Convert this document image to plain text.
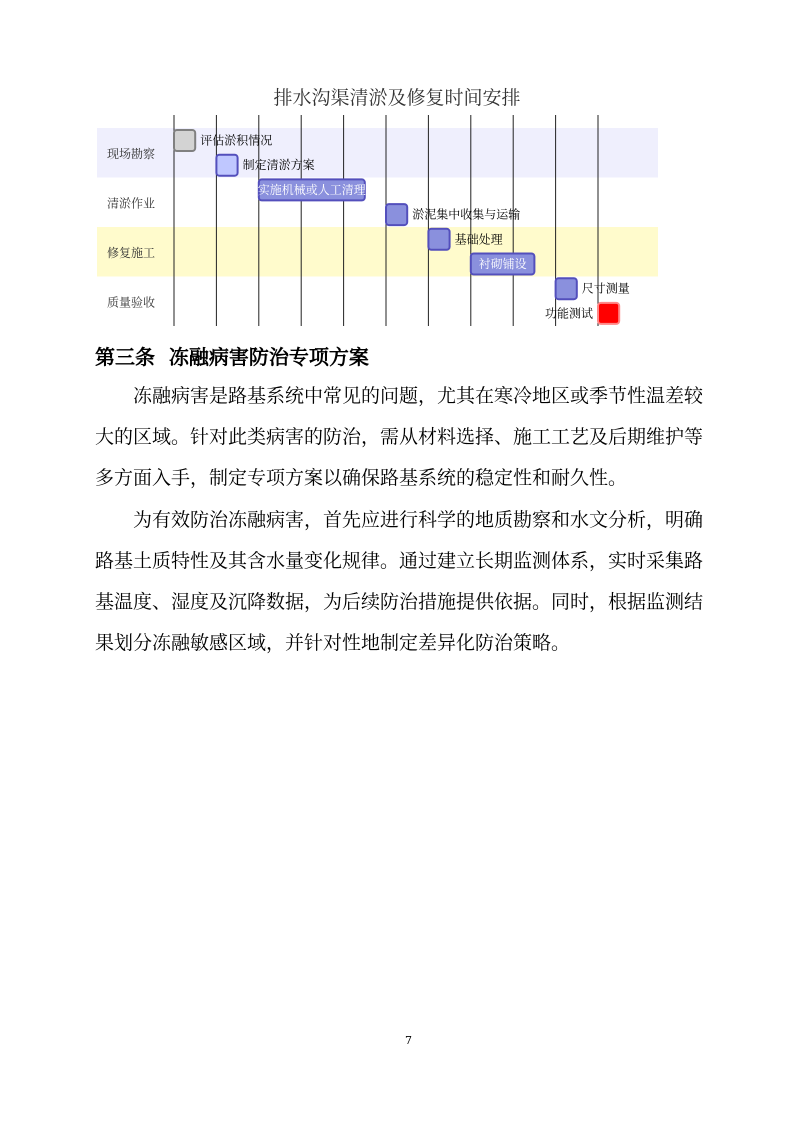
排水沟渠清淤及修复时间安排
现场勘察
清淤作业
修复施工
质量验收
评估淤积情况
制定清淤方案
实施机械或人工清理
淤泥集中收集与运输
基础处理
衬砌铺设
尺寸测量
功能测试
第三条  冻融病害防治专项方案
冻融病害是路基系统中常见的问题，尤其在寒冷地区或季节性温差较
大的区域。针对此类病害的防治，需从材料选择、施工工艺及后期维护等
多方面入手，制定专项方案以确保路基系统的稳定性和耐久性。
为有效防治冻融病害，首先应进行科学的地质勘察和水文分析，明确
路基土质特性及其含水量变化规律。通过建立长期监测体系，实时采集路
基温度、湿度及沉降数据，为后续防治措施提供依据。同时，根据监测结
果划分冻融敏感区域，并针对性地制定差异化防治策略。
7
